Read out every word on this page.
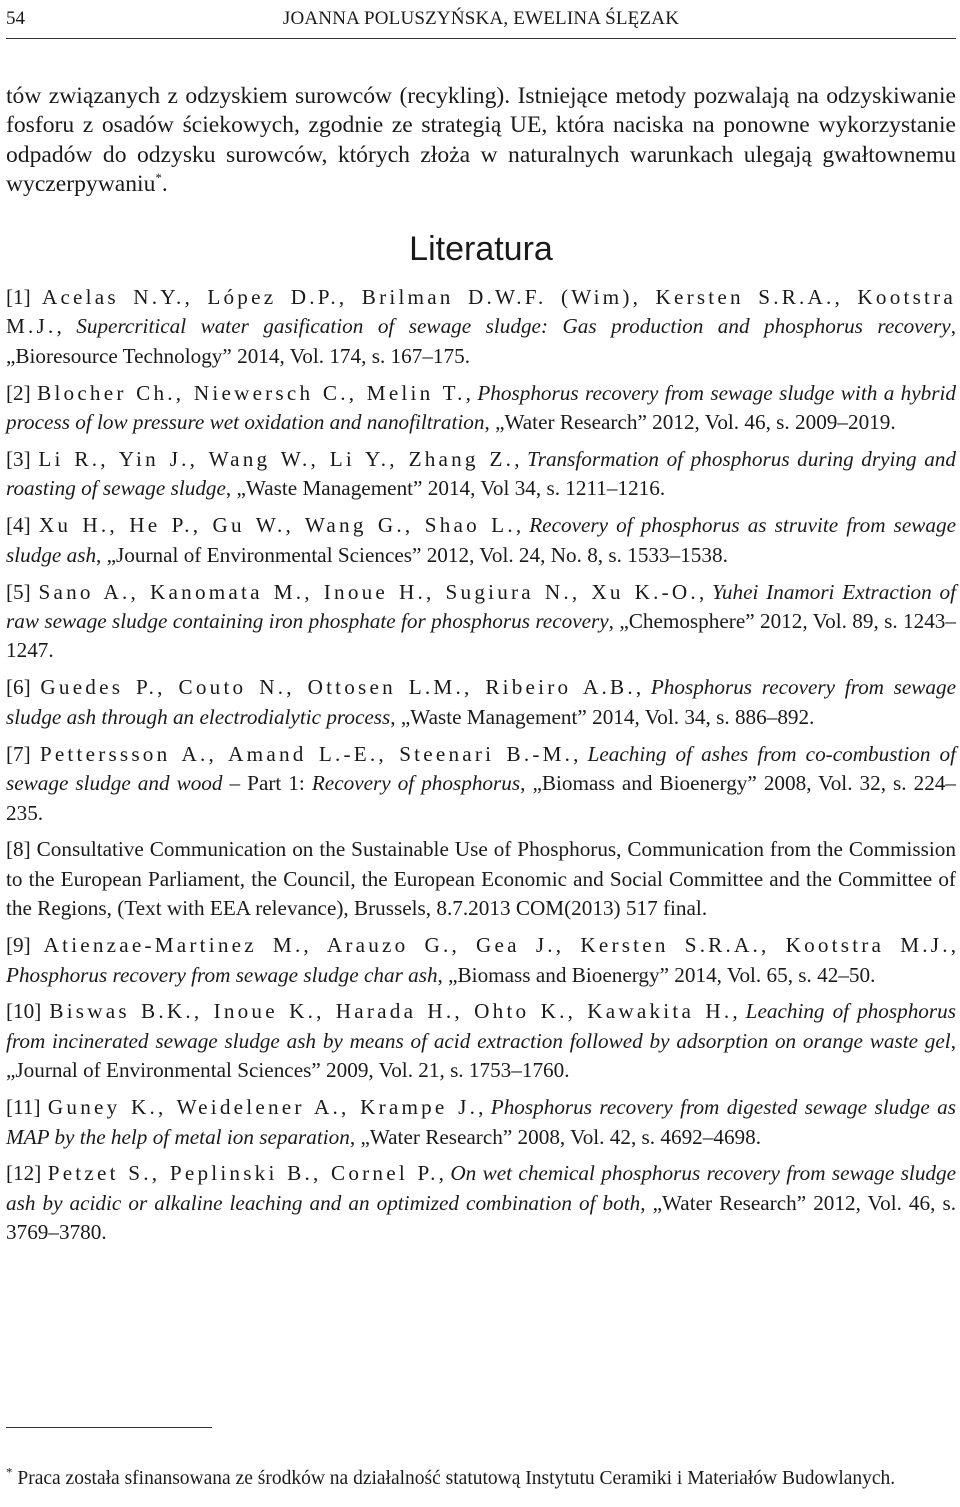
54	JOANNA POLUSZYŃSKA, EWELINA ŚLĘZAK

tów związanych z odzyskiem surowców (recykling). Istniejące metody pozwalają na odzyskiwanie fosforu z osadów ściekowych, zgodnie ze strategią UE, która naciska na ponowne wykorzystanie odpadów do odzysku surowców, których złoża w naturalnych warunkach ulegają gwałtownemu wyczerpywaniu*.

Literatura

[1] Acelas N.Y., López D.P., Brilman D.W.F. (Wim), Kersten S.R.A., Kootstra M.J., Supercritical water gasification of sewage sludge: Gas production and phosphorus recovery, „Bioresource Technology” 2014, Vol. 174, s. 167–175.

[2] Blocher Ch., Niewersch C., Melin T., Phosphorus recovery from sewage sludge with a hybrid process of low pressure wet oxidation and nanofiltration, „Water Research” 2012, Vol. 46, s. 2009–2019.

[3] Li R., Yin J., Wang W., Li Y., Zhang Z., Transformation of phosphorus during drying and roasting of sewage sludge, „Waste Management” 2014, Vol 34, s. 1211–1216.

[4] Xu H., He P., Gu W., Wang G., Shao L., Recovery of phosphorus as struvite from sewage sludge ash, „Journal of Environmental Sciences” 2012, Vol. 24, No. 8, s. 1533–1538.

[5] Sano A., Kanomata M., Inoue H., Sugiura N., Xu K.-O., Yuhei Inamori Extraction of raw sewage sludge containing iron phosphate for phosphorus recovery, „Chemosphere” 2012, Vol. 89, s. 1243–1247.

[6] Guedes P., Couto N., Ottosen L.M., Ribeiro A.B., Phosphorus recovery from sewage sludge ash through an electrodialytic process, „Waste Management” 2014, Vol. 34, s. 886–892.

[7] Petterssson A., Amand L.-E., Steenari B.-M., Leaching of ashes from co-combustion of sewage sludge and wood – Part 1: Recovery of phosphorus, „Biomass and Bioenergy” 2008, Vol. 32, s. 224–235.

[8] Consultative Communication on the Sustainable Use of Phosphorus, Communication from the Commission to the European Parliament, the Council, the European Economic and Social Committee and the Committee of the Regions, (Text with EEA relevance), Brussels, 8.7.2013 COM(2013) 517 final.

[9] Atienzae-Martinez M., Arauzo G., Gea J., Kersten S.R.A., Kootstra M.J., Phosphorus recovery from sewage sludge char ash, „Biomass and Bioenergy” 2014, Vol. 65, s. 42–50.

[10] Biswas B.K., Inoue K., Harada H., Ohto K., Kawakita H., Leaching of phosphorus from incinerated sewage sludge ash by means of acid extraction followed by adsorption on orange waste gel, „Journal of Environmental Sciences” 2009, Vol. 21, s. 1753–1760.

[11] Guney K., Weidelener A., Krampe J., Phosphorus recovery from digested sewage sludge as MAP by the help of metal ion separation, „Water Research” 2008, Vol. 42, s. 4692–4698.

[12] Petzet S., Peplinski B., Cornel P., On wet chemical phosphorus recovery from sewage sludge ash by acidic or alkaline leaching and an optimized combination of both, „Water Research” 2012, Vol. 46, s. 3769–3780.

* Praca została sfinansowana ze środków na działalność statutową Instytutu Ceramiki i Materiałów Budowlanych.
